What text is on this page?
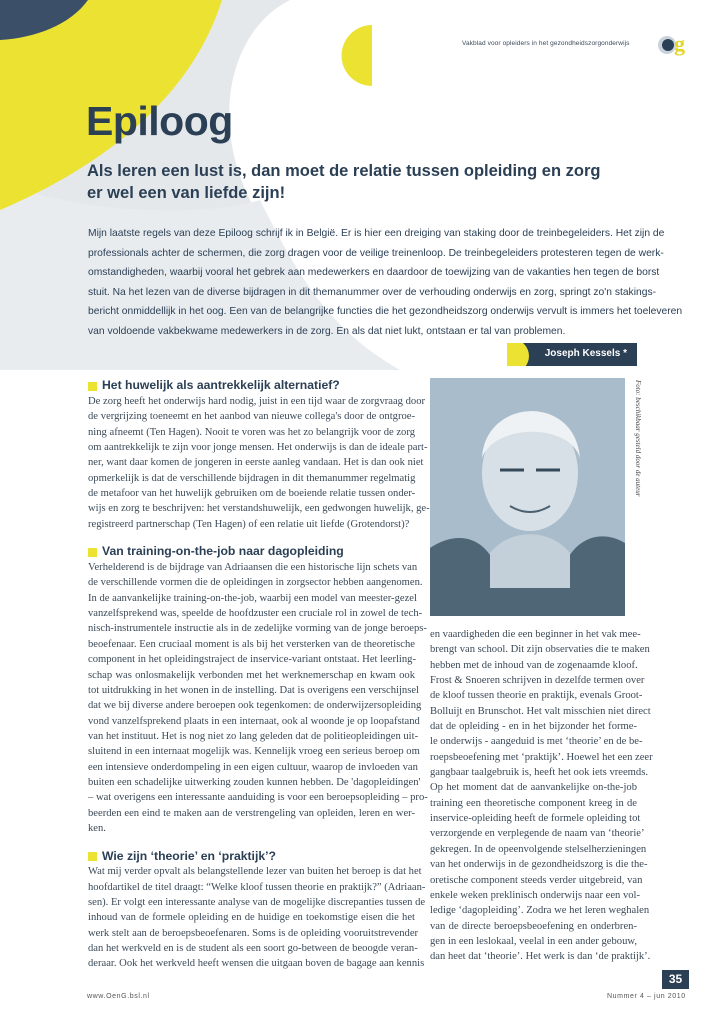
Vakblad voor opleiders in het gezondheidszorgonderwijs g
Epiloog
Als leren een lust is, dan moet de relatie tussen opleiding en zorg
er wel een van liefde zijn!
Mijn laatste regels van deze Epiloog schrijf ik in België. Er is hier een dreiging van staking door de treinbegeleiders. Het zijn de
professionals achter de schermen, die zorg dragen voor de veilige treinenloop. De treinbegeleiders protesteren tegen de werk-
omstandigheden, waarbij vooral het gebrek aan medewerkers en daardoor de toewijzing van de vakanties hen tegen de borst
stuit. Na het lezen van de diverse bijdragen in dit themanummer over de verhouding onderwijs en zorg, springt zo'n stakings-
bericht onmiddellijk in het oog. Een van de belangrijke functies die het gezondheidszorg onderwijs vervult is immers het toeleveren
van voldoende vakbekwame medewerkers in de zorg. En als dat niet lukt, ontstaan er tal van problemen.
Joseph Kessels *
Het huwelijk als aantrekkelijk alternatief?
De zorg heeft het onderwijs hard nodig, juist in een tijd waar de zorgvraag door
de vergrijzing toeneemt en het aanbod van nieuwe collega's door de ontgroe-
ning afneemt (Ten Hagen). Nooit te voren was het zo belangrijk voor de zorg
om aantrekkelijk te zijn voor jonge mensen. Het onderwijs is dan de ideale part-
ner, want daar komen de jongeren in eerste aanleg vandaan. Het is dan ook niet
opmerkelijk is dat de verschillende bijdragen in dit themanummer regelmatig
de metafoor van het huwelijk gebruiken om de boeiende relatie tussen onder-
wijs en zorg te beschrijven: het verstandshuwelijk, een gedwongen huwelijk, ge-
registreerd partnerschap (Ten Hagen) of een relatie uit liefde (Grotendorst)?
Van training-on-the-job naar dagopleiding
Verhelderend is de bijdrage van Adriaansen die een historische lijn schets van
de verschillende vormen die de opleidingen in zorgsector hebben aangenomen.
In de aanvankelijke training-on-the-job, waarbij een model van meester-gezel
vanzelfsprekend was, speelde de hoofdzuster een cruciale rol in zowel de tech-
nisch-instrumentele instructie als in de zedelijke vorming van de jonge beroeps-
beoefenaar. Een cruciaal moment is als bij het versterken van de theoretische
component in het opleidingstraject de inservice-variant ontstaat. Het leerling-
schap was onlosmakelijk verbonden met het werknemerschap en kwam ook
tot uitdrukking in het wonen in de instelling. Dat is overigens een verschijnsel
dat we bij diverse andere beroepen ook tegenkomen: de onderwijzersopleiding
vond vanzelfsprekend plaats in een internaat, ook al woonde je op loopafstand
van het instituut. Het is nog niet zo lang geleden dat de politieopleidingen uit-
sluitend in een internaat mogelijk was. Kennelijk vroeg een serieus beroep om
een intensieve onderdompeling in een eigen cultuur, waarop de invloeden van
buiten een schadelijke uitwerking zouden kunnen hebben. De 'dagopleidingen'
– wat overigens een interessante aanduiding is voor een beroepsopleiding – pro-
beerden een eind te maken aan de verstrengeling van opleiden, leren en wer-
ken.
Wie zijn ‘theorie’ en ‘praktijk’?
Wat mij verder opvalt als belangstellende lezer van buiten het beroep is dat het
hoofdartikel de titel draagt: “Welke kloof tussen theorie en praktijk?” (Adriaan-
sen). Er volgt een interessante analyse van de mogelijke discrepanties tussen de
inhoud van de formele opleiding en de huidige en toekomstige eisen die het
werk stelt aan de beroepsbeoefenaren. Soms is de opleiding vooruitstrevender
dan het werkveld en is de student als een soort go-between de beoogde veran-
deraar. Ook het werkveld heeft wensen die uitgaan boven de bagage aan kennis
Foto: beschikbaar gesteld door de auteur
en vaardigheden die een beginner in het vak mee-
brengt van school. Dit zijn observaties die te maken
hebben met de inhoud van de zogenaamde kloof.
Frost & Snoeren schrijven in dezelfde termen over
de kloof tussen theorie en praktijk, evenals Groot-
Bolluijt en Brunschot. Het valt misschien niet direct
dat de opleiding - en in het bijzonder het forme-
le onderwijs - aangeduid is met ‘theorie’ en de be-
roepsbeoefening met ‘praktijk’. Hoewel het een zeer
gangbaar taalgebruik is, heeft het ook iets vreemds.
Op het moment dat de aanvankelijke on-the-job
training een theoretische component kreeg in de
inservice-opleiding heeft de formele opleiding tot
verzorgende en verplegende de naam van ‘theorie’
gekregen. In de opeenvolgende stelselherzieningen
van het onderwijs in de gezondheidszorg is die the-
oretische component steeds verder uitgebreid, van
enkele weken preklinisch onderwijs naar een vol-
ledige ‘dagopleiding’. Zodra we het leren weghalen
van de directe beroepsbeoefening en onderbren-
gen in een leslokaal, veelal in een ander gebouw,
dan heet dat ‘theorie’. Het werk is dan ‘de praktijk’.
35
www.OenG.bsl.nl	Nummer 4 – jun 2010
